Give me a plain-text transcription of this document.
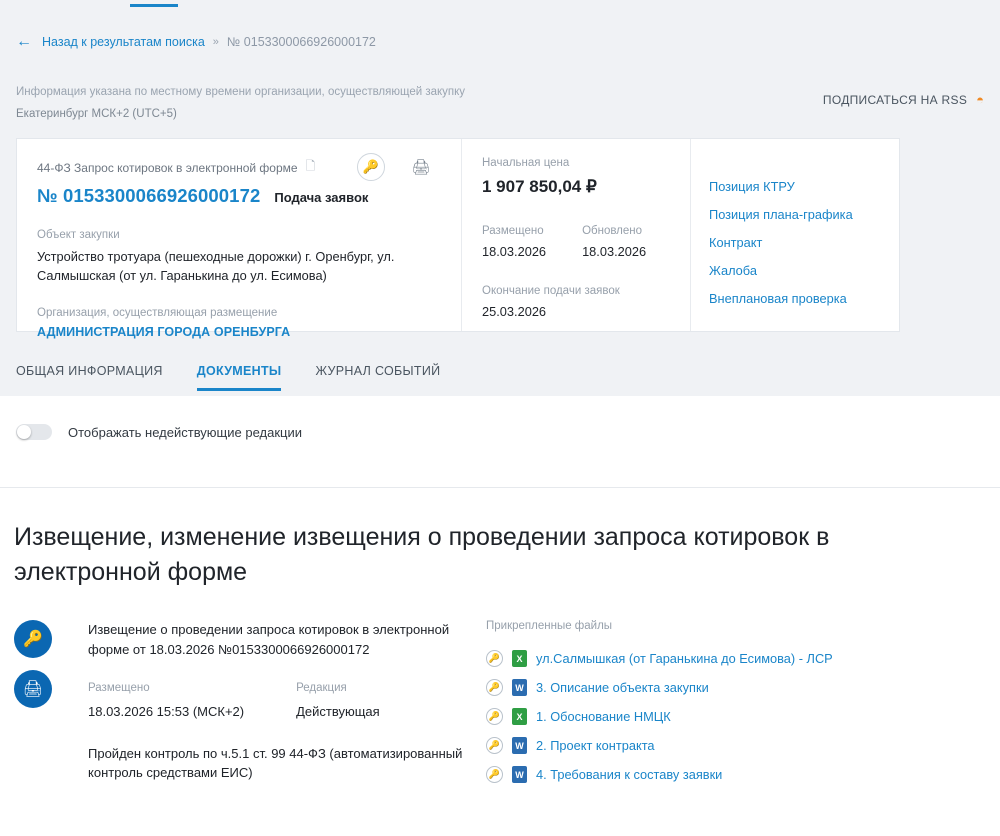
← Назад к результатам поиска » № 0153300066926000172
Информация указана по местному времени организации, осуществляющей закупку
Екатеринбург МСК+2 (UTC+5)
ПОДПИСАТЬСЯ НА RSS ◓
44-ФЗ Запрос котировок в электронной форме 🗋	🔑	🖨
№ 0153300066926000172 Подача заявок
Объект закупки
Устройство тротуара (пешеходные дорожки) г. Оренбург, ул. Салмышская (от ул. Гаранькина до ул. Есимова)
Организация, осуществляющая размещение
АДМИНИСТРАЦИЯ ГОРОДА ОРЕНБУРГА
Начальная цена
1 907 850,04 ₽
Размещено
18.03.2026
Обновлено
18.03.2026
Окончание подачи заявок
25.03.2026
Позиция КТРУ
Позиция плана-графика
Контракт
Жалоба
Внеплановая проверка
ОБЩАЯ ИНФОРМАЦИЯ	ДОКУМЕНТЫ	ЖУРНАЛ СОБЫТИЙ
Отображать недействующие редакции
Извещение, изменение извещения о проведении запроса котировок в электронной форме
🔑
🖨
Извещение о проведении запроса котировок в электронной форме от 18.03.2026 №0153300066926000172
Размещено
18.03.2026 15:53 (МСК+2)
Редакция
Действующая
Пройден контроль по ч.5.1 ст. 99 44-ФЗ (автоматизированный контроль средствами ЕИС)
Прикрепленные файлы
🔑	X	ул.Салмышкая (от Гаранькина до Есимова) - ЛСР
🔑	W 3. Описание объекта закупки
🔑	X	1. Обоснование НМЦК
🔑	W 2. Проект контракта
🔑	W 4. Требования к составу заявки
